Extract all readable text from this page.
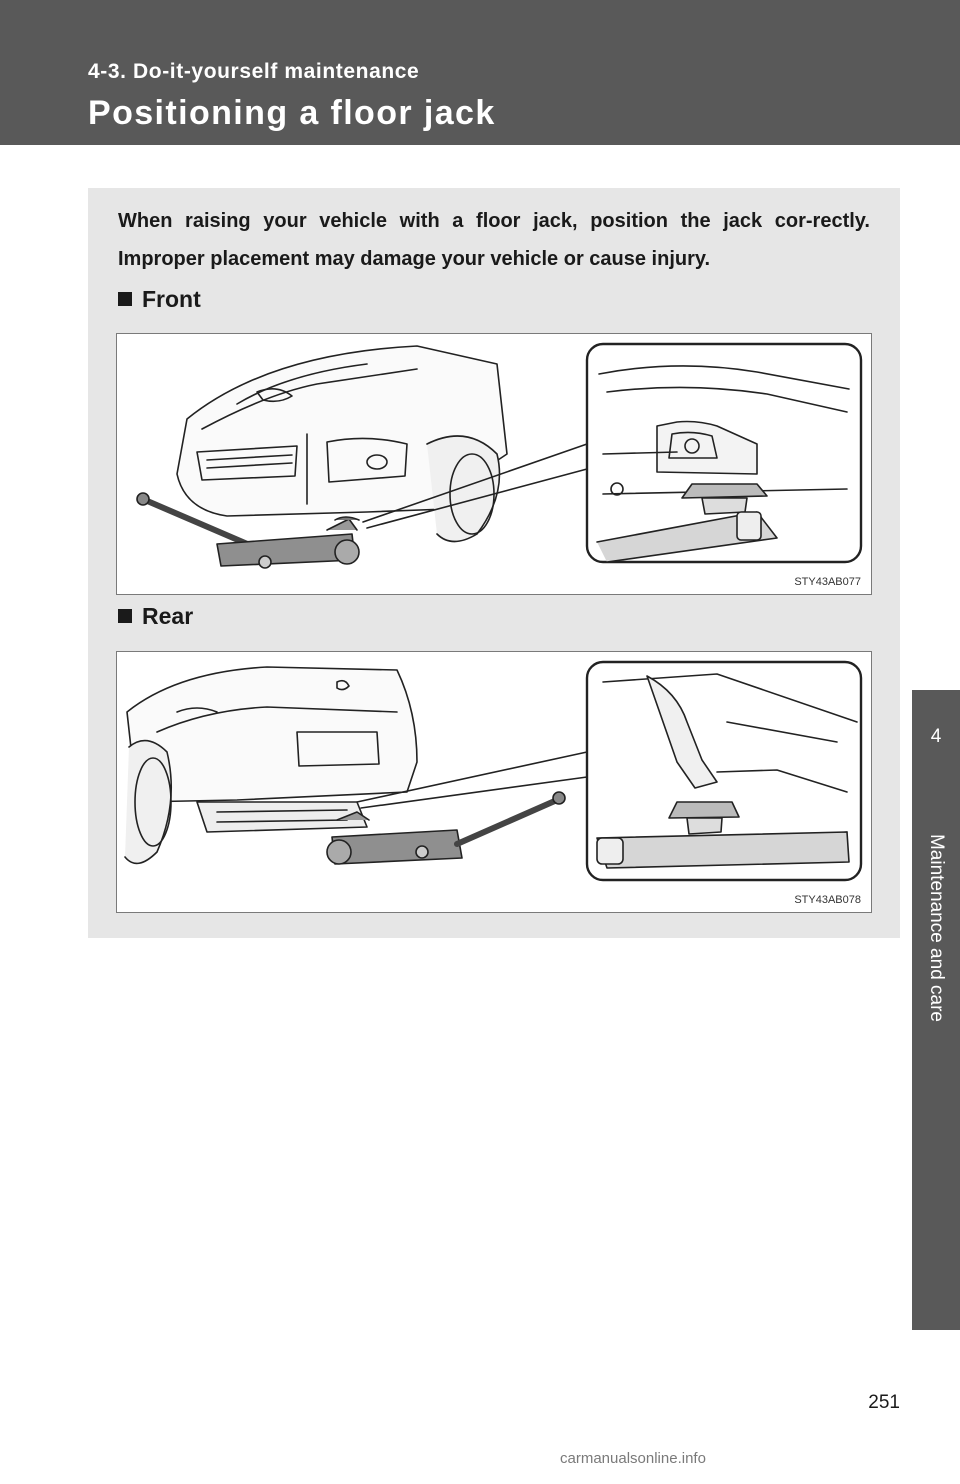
4-3. Do-it-yourself maintenance
Positioning a floor jack
4
Maintenance and care

When raising your vehicle with a floor jack, position the jack cor-rectly. Improper placement may damage your vehicle or cause injury.

Front
STY43AB077
Rear
STY43AB078
251
carmanualsonline.info
